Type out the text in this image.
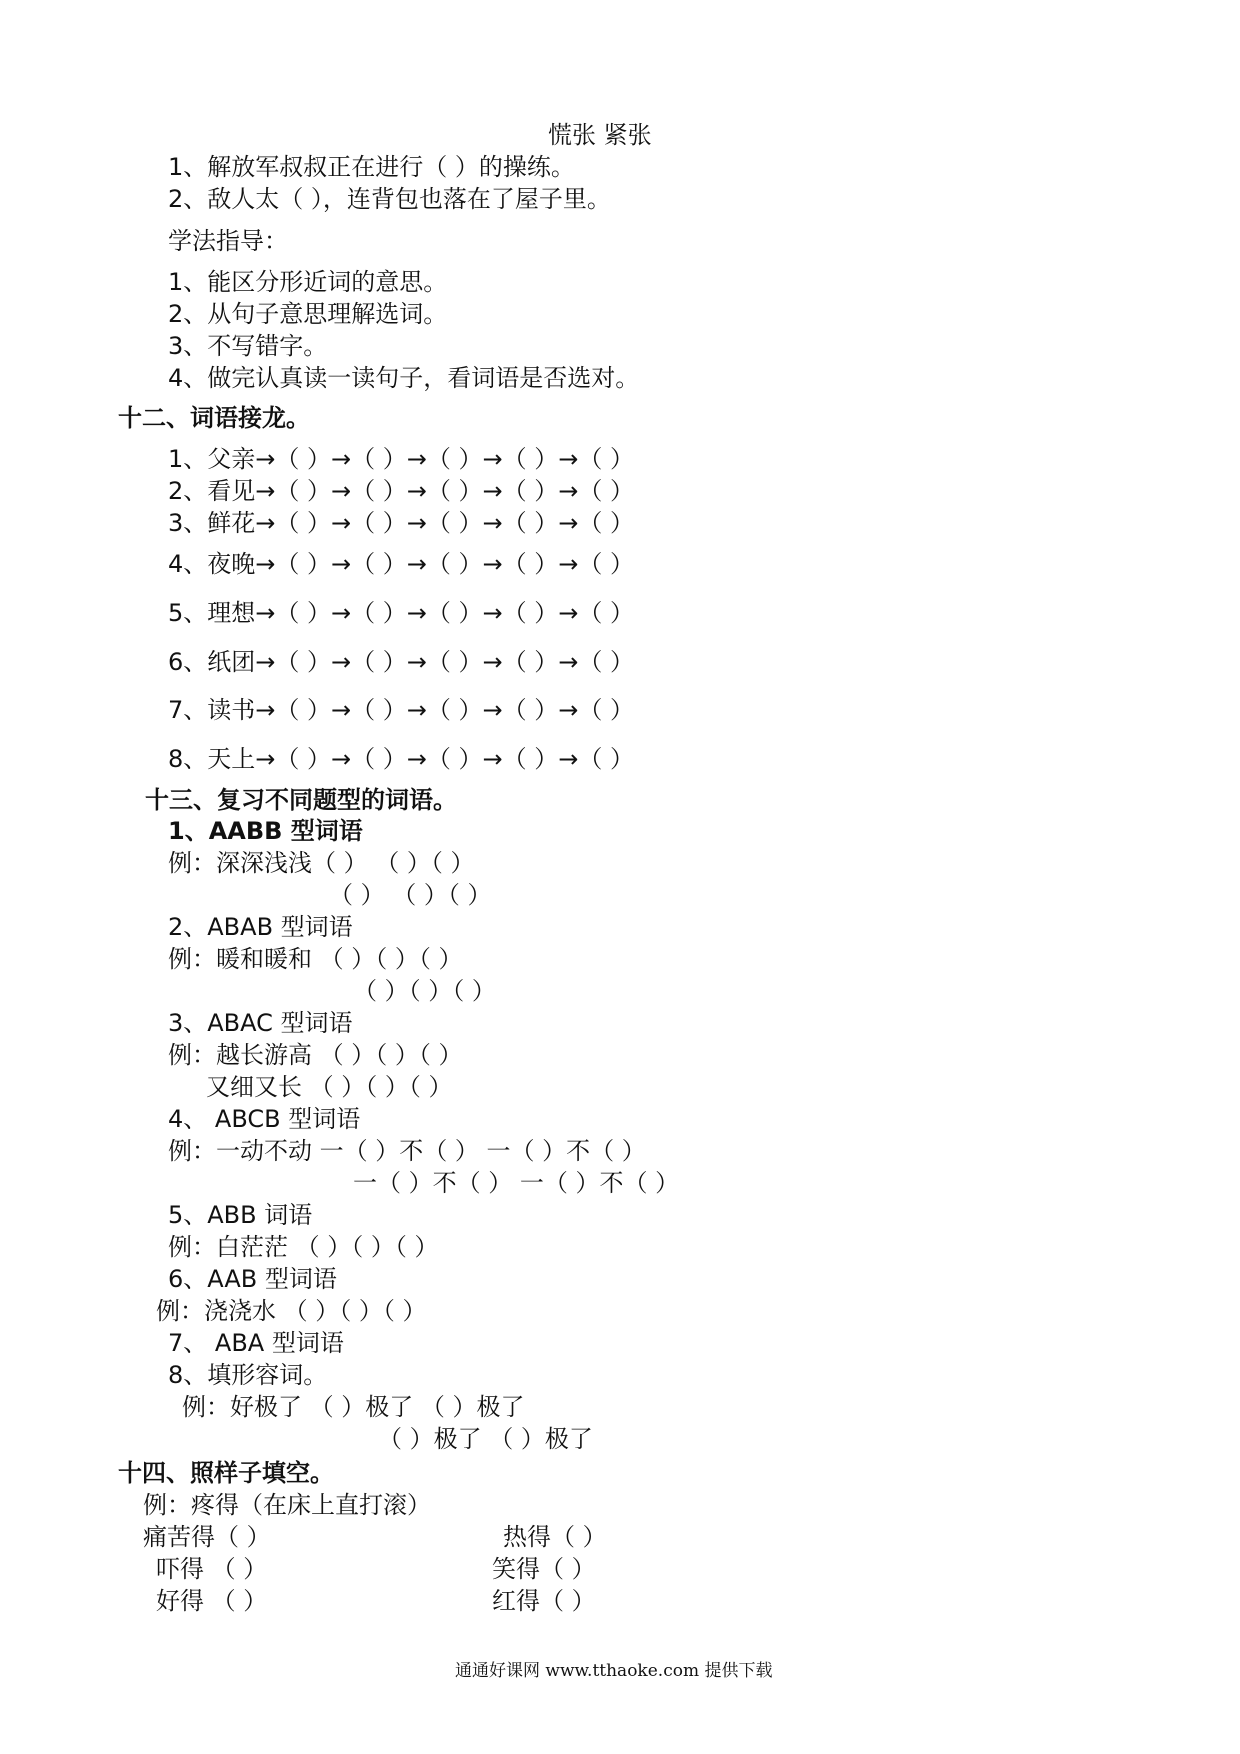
慌张 紧张
1、解放军叔叔正在进行（ ）的操练。
2、敌人太（ ），连背包也落在了屋子里。
学法指导：
1、能区分形近词的意思。
2、从句子意思理解选词。
3、不写错字。
4、做完认真读一读句子，看词语是否选对。
十二、词语接龙。
1、父亲→（ ）→（ ）→（ ）→（ ）→（ ）
2、看见→（ ）→（ ）→（ ）→（ ）→（ ）
3、鲜花→（ ）→（ ）→（ ）→（ ）→（ ）
4、夜晚→（ ）→（ ）→（ ）→（ ）→（ ）
5、理想→（ ）→（ ）→（ ）→（ ）→（ ）
6、纸团→（ ）→（ ）→（ ）→（ ）→（ ）
7、读书→（ ）→（ ）→（ ）→（ ）→（ ）
8、天上→（ ）→（ ）→（ ）→（ ）→（ ）
十三、复习不同题型的词语。
1、AABB 型词语
例：深深浅浅（ ） （ ）（ ）
（ ） （ ）（ ）
2、ABAB 型词语
例：暖和暖和 （ ）（ ）（ ）
（ ）（ ）（ ）
3、ABAC 型词语
例：越长游高 （ ）（ ）（ ）
又细又长 （ ）（ ）（ ）
4、 ABCB 型词语
例：一动不动 一（ ）不（ ） 一（ ）不（ ）
一（ ）不（ ） 一（ ）不（ ）
5、ABB 词语
例：白茫茫 （ ）（ ）（ ）
6、AAB 型词语
例：浇浇水 （ ）（ ）（ ）
7、 ABA 型词语
8、填形容词。
例：好极了 （ ）极了 （ ）极了
（ ）极了 （ ）极了
十四、照样子填空。
例：疼得（在床上直打滚）
痛苦得（ ）	热得（ ）
吓得 （ ）	笑得（ ）
好得 （ ）	红得（ ）
通通好课网 www.tthaoke.com 提供下载
